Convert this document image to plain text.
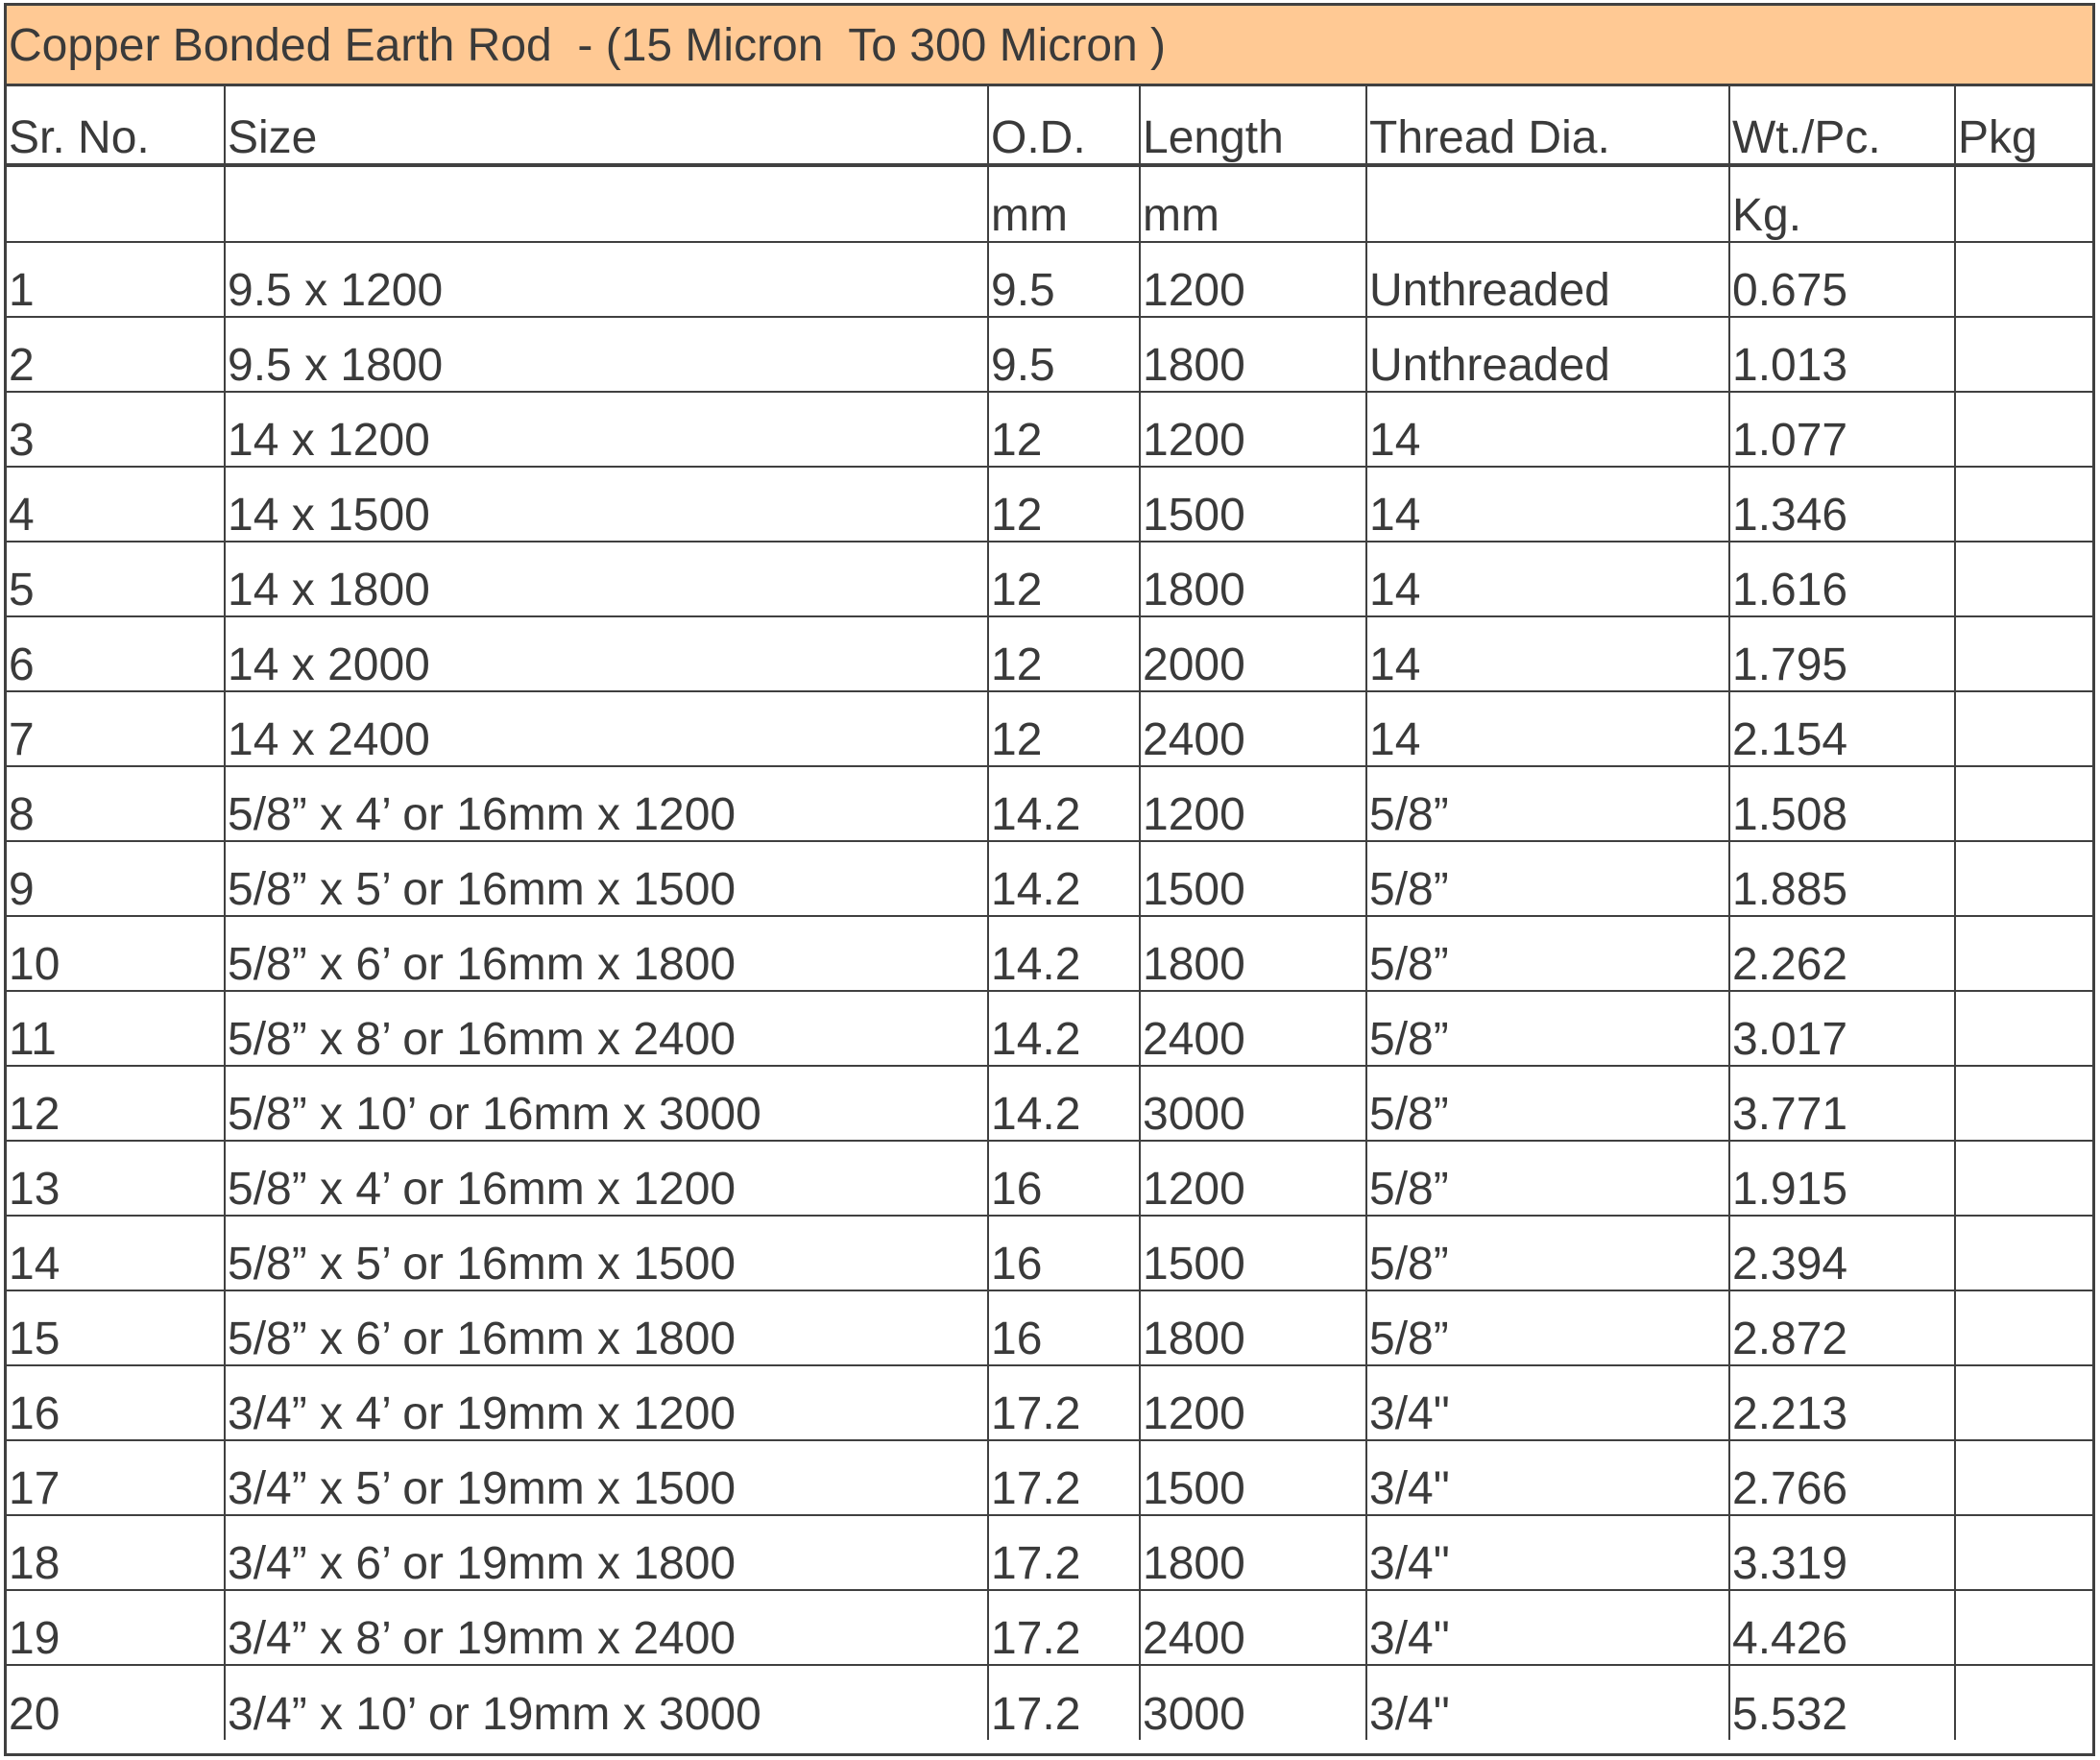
Copper Bonded Earth Rod  - (15 Micron  To 300 Micron )
Sr. No.	Size	O.D.	Length	Thread Dia.	Wt./Pc.	Pkg
		mm	mm		Kg.	
1	9.5 x 1200	9.5	1200	Unthreaded	0.675	
2	9.5 x 1800	9.5	1800	Unthreaded	1.013	
3	14 x 1200	12	1200	14	1.077	
4	14 x 1500	12	1500	14	1.346	
5	14 x 1800	12	1800	14	1.616	
6	14 x 2000	12	2000	14	1.795	
7	14 x 2400	12	2400	14	2.154	
8	5/8” x 4’ or 16mm x 1200	14.2	1200	5/8”	1.508	
9	5/8” x 5’ or 16mm x 1500	14.2	1500	5/8”	1.885	
10	5/8” x 6’ or 16mm x 1800	14.2	1800	5/8”	2.262	
11	5/8” x 8’ or 16mm x 2400	14.2	2400	5/8”	3.017	
12	5/8” x 10’ or 16mm x 3000	14.2	3000	5/8”	3.771	
13	5/8” x 4’ or 16mm x 1200	16	1200	5/8”	1.915	
14	5/8” x 5’ or 16mm x 1500	16	1500	5/8”	2.394	
15	5/8” x 6’ or 16mm x 1800	16	1800	5/8”	2.872	
16	3/4” x 4’ or 19mm x 1200	17.2	1200	3/4"	2.213	
17	3/4” x 5’ or 19mm x 1500	17.2	1500	3/4"	2.766	
18	3/4” x 6’ or 19mm x 1800	17.2	1800	3/4"	3.319	
19	3/4” x 8’ or 19mm x 2400	17.2	2400	3/4"	4.426	
20	3/4” x 10’ or 19mm x 3000	17.2	3000	3/4"	5.532	
